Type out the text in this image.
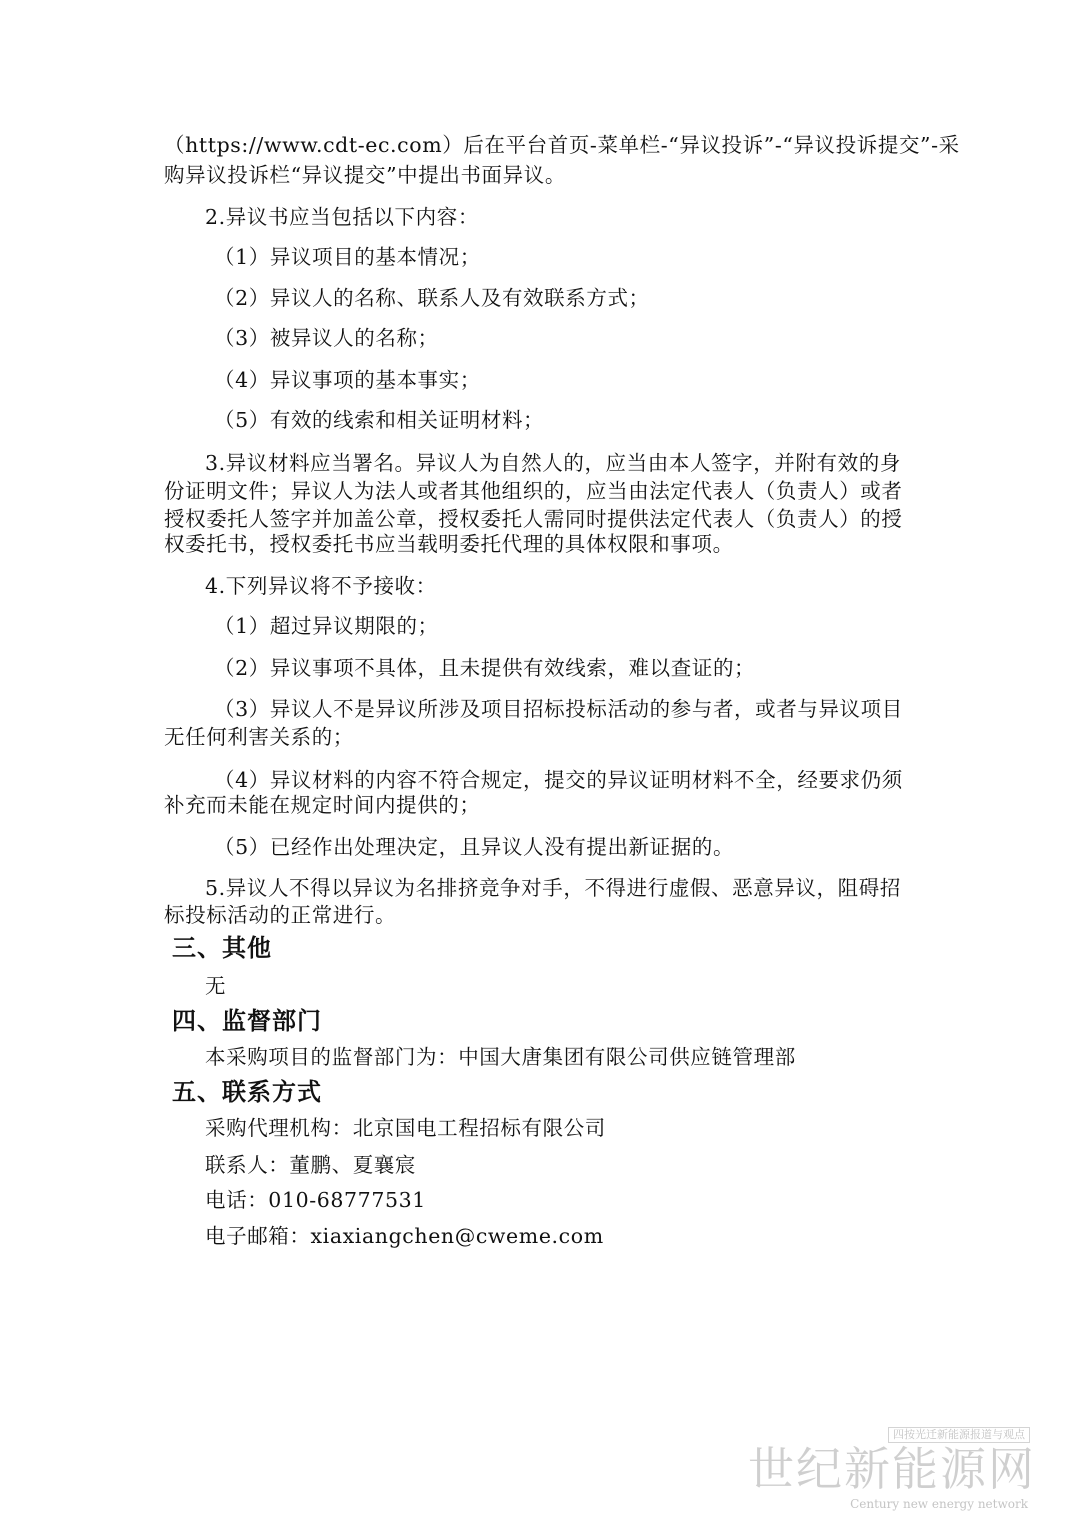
（https://www.cdt-ec.com）后在平台首页-菜单栏-“异议投诉”-“异议投诉提交”-采
购异议投诉栏“异议提交”中提出书面异议。
2.异议书应当包括以下内容：
（1）异议项目的基本情况；
（2）异议人的名称、联系人及有效联系方式；
（3）被异议人的名称；
（4）异议事项的基本事实；
（5）有效的线索和相关证明材料；
3.异议材料应当署名。异议人为自然人的，应当由本人签字，并附有效的身
份证明文件；异议人为法人或者其他组织的，应当由法定代表人（负责人）或者
授权委托人签字并加盖公章，授权委托人需同时提供法定代表人（负责人）的授
权委托书，授权委托书应当载明委托代理的具体权限和事项。
4.下列异议将不予接收：
（1）超过异议期限的；
（2）异议事项不具体，且未提供有效线索，难以查证的；
（3）异议人不是异议所涉及项目招标投标活动的参与者，或者与异议项目
无任何利害关系的；
（4）异议材料的内容不符合规定，提交的异议证明材料不全，经要求仍须
补充而未能在规定时间内提供的；
（5）已经作出处理决定，且异议人没有提出新证据的。
5.异议人不得以异议为名排挤竞争对手，不得进行虚假、恶意异议，阻碍招
标投标活动的正常进行。
三、其他
无
四、监督部门
本采购项目的监督部门为：中国大唐集团有限公司供应链管理部
五、联系方式
采购代理机构：北京国电工程招标有限公司
联系人：董鹏、夏襄宸
电话：010-68777531
电子邮箱：xiaxiangchen@cweme.com
四按光迁新能源报道与观点
世纪新能源网
Century new energy network
